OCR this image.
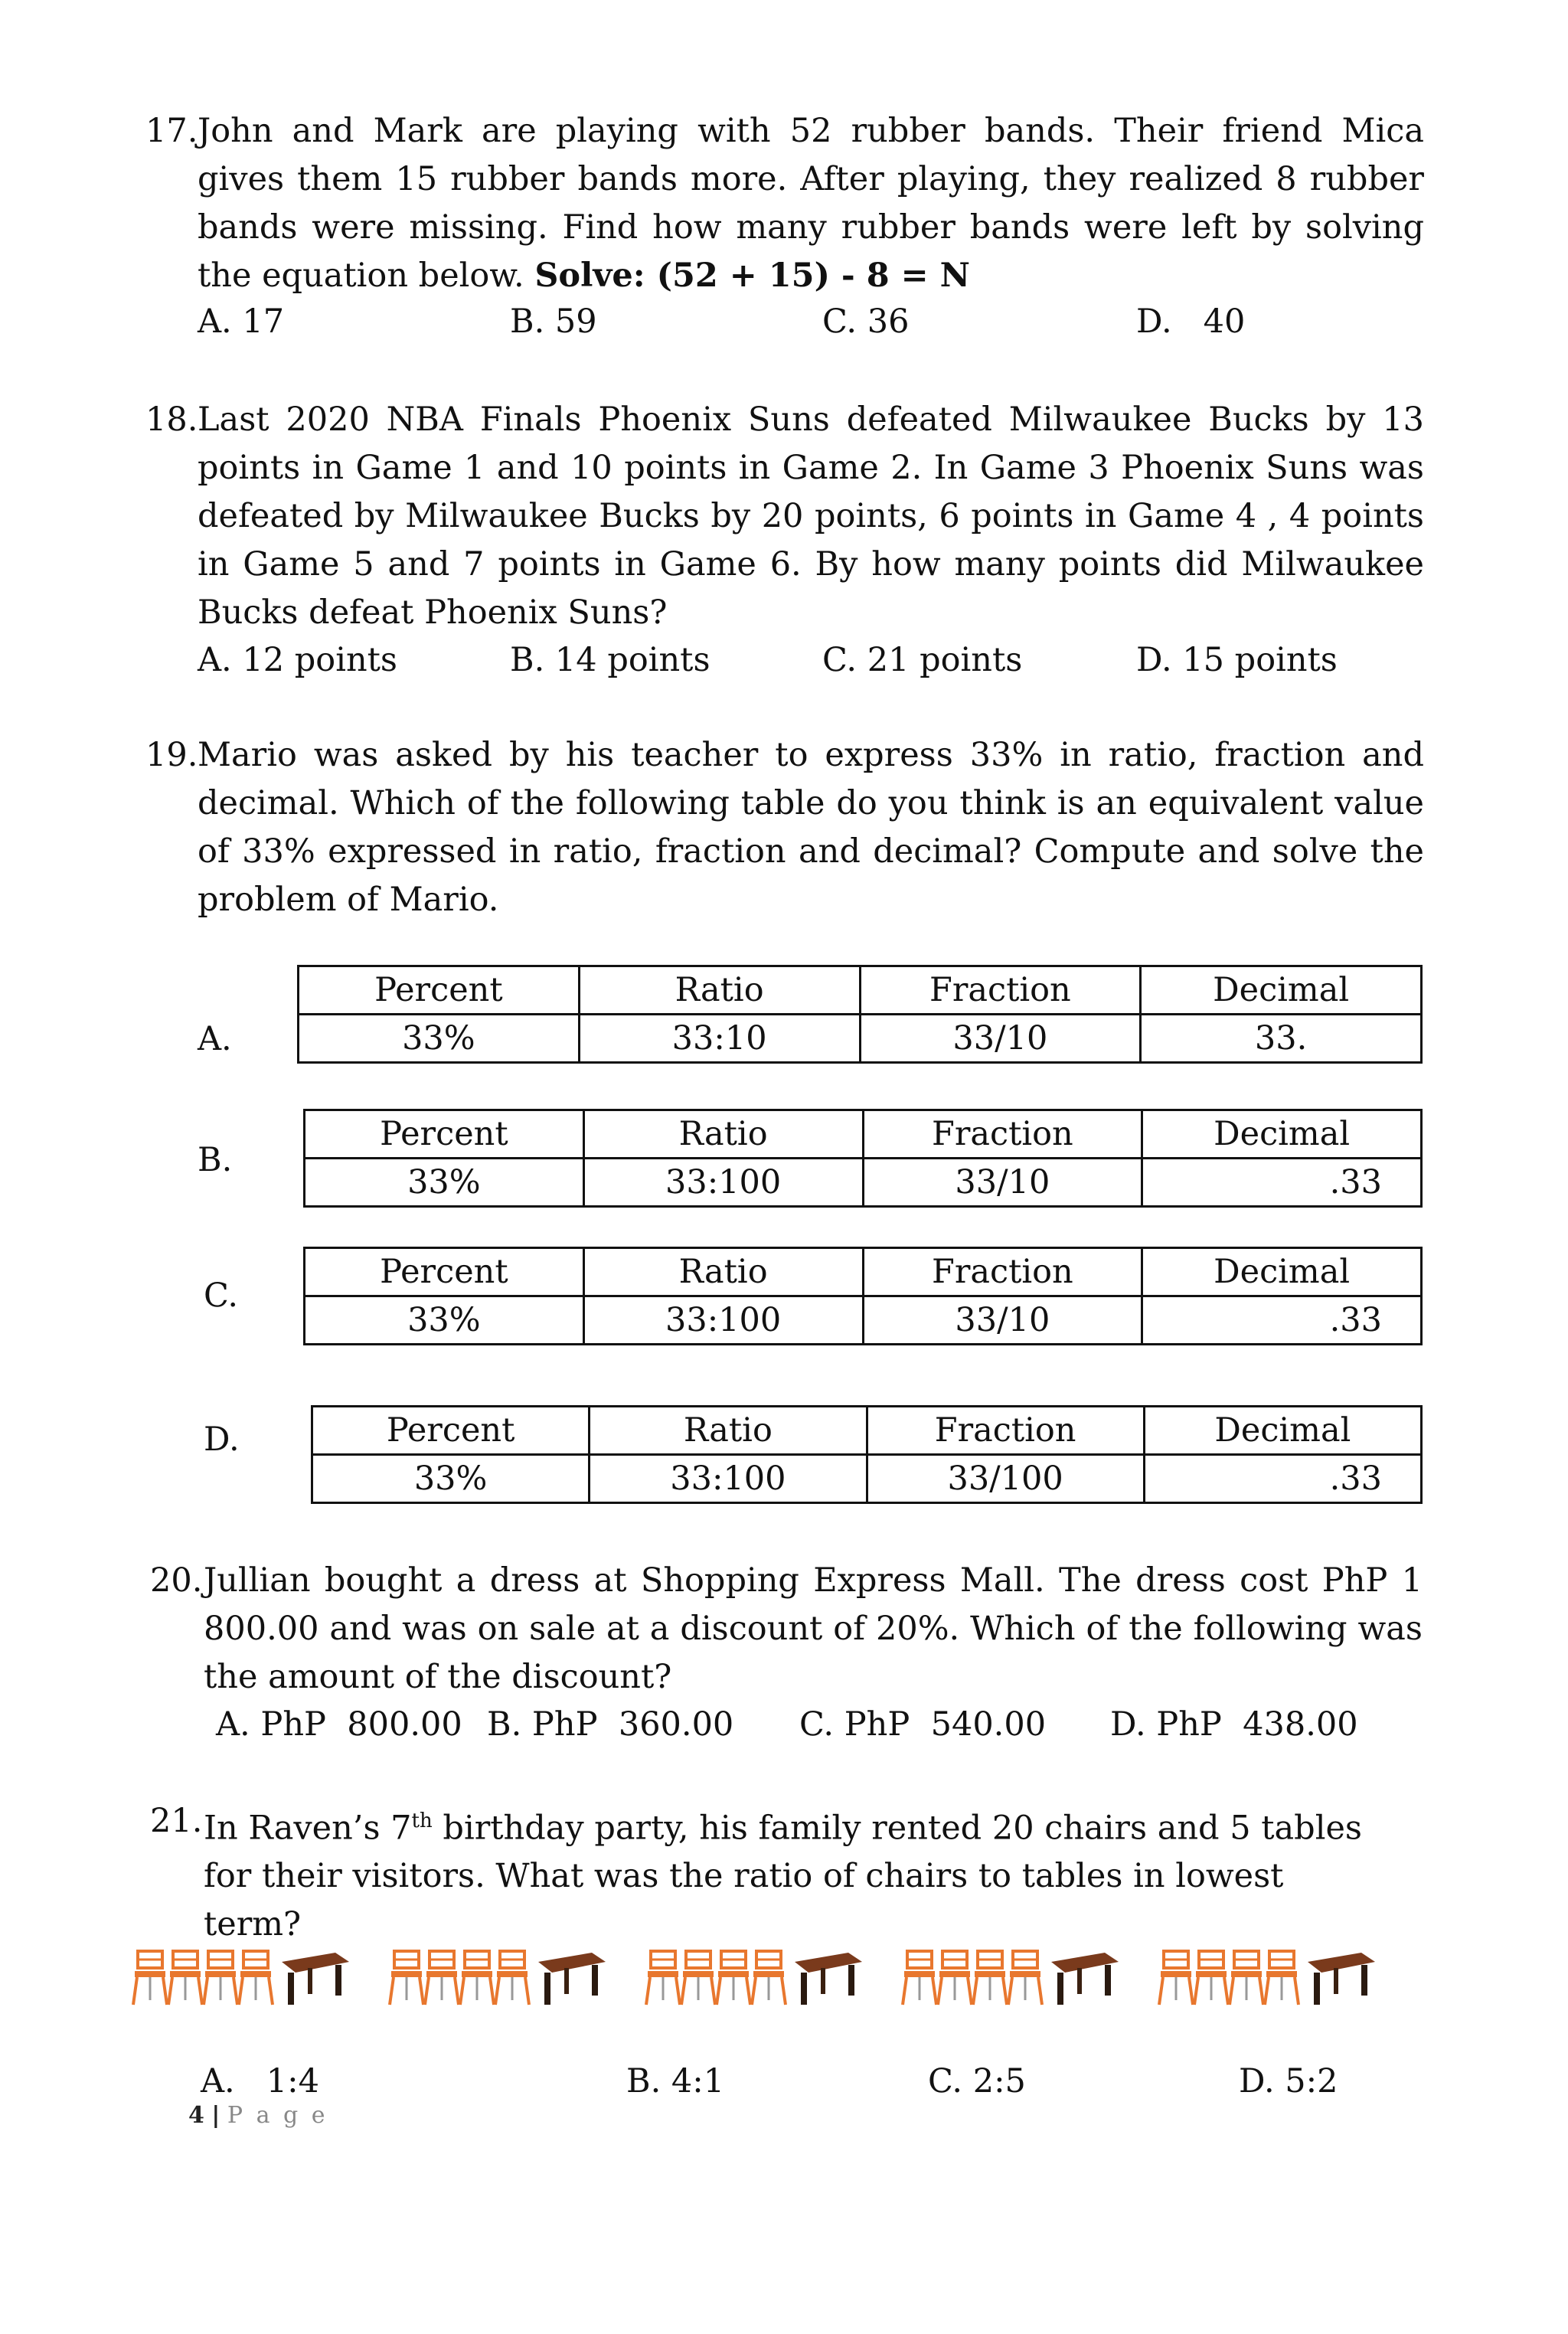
17. John and Mark are playing with 52 rubber bands. Their friend Mica gives them 15 rubber bands more. After playing, they realized 8 rubber bands were missing. Find how many rubber bands were left by solving the equation below. Solve: (52 + 15) - 8 = N

A. 17

	B. 59

	C. 36

	D.   40

18. Last 2020 NBA Finals Phoenix Suns defeated Milwaukee Bucks by 13 points in Game 1 and 10 points in Game 2. In Game 3 Phoenix Suns was defeated by Milwaukee Bucks by 20 points, 6 points in Game 4 , 4 points in Game 5 and 7 points in Game 6. By how many points did Milwaukee Bucks defeat Phoenix Suns?

A. 12 points

	B. 14 points

	C. 21 points

	D. 15 points

19. Mario was asked by his teacher to express 33% in ratio, fraction and decimal. Which of the following table do you think is an equivalent value of 33% expressed in ratio, fraction and decimal? Compute and solve the problem of Mario.
A.
Percent	Ratio	Fraction	Decimal
33%	33:10	33/10	33.
B.
Percent	Ratio	Fraction	Decimal
33%	33:100	33/10	.33
C.
Percent	Ratio	Fraction	Decimal
33%	33:100	33/10	.33
D.	Percent	Ratio	Fraction	Decimal
33%	33:100	33/100	.33
20. Jullian bought a dress at Shopping Express Mall. The dress cost PhP 1 800.00 and was on sale at a discount of 20%. Which of the following was the amount of the discount?

A. PhP  800.00

B. PhP  360.00

C. PhP  540.00

D. PhP  438.00

21. In Raven’s 7th birthday party, his family rented 20 chairs and 5 tables for their visitors. What was the ratio of chairs to tables in lowest term?

A.   1:4

	B. 4:1

	C. 2:5

	D. 5:2

4 | P a g e
